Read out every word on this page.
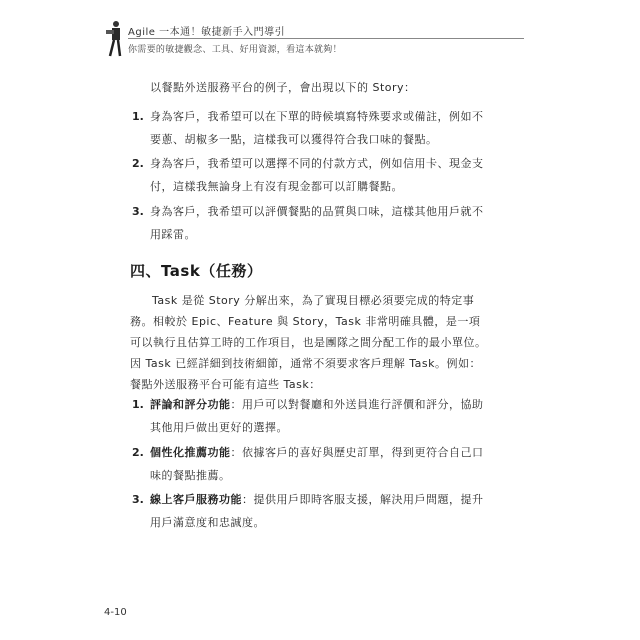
Agile 一本通！敏捷新手入門導引
你需要的敏捷觀念、工具、好用資源，看這本就夠！

以餐點外送服務平台的例子，會出現以下的 Story：

1. 身為客戶，我希望可以在下單的時候填寫特殊要求或備註，例如不要蔥、胡椒多一點，這樣我可以獲得符合我口味的餐點。
2. 身為客戶，我希望可以選擇不同的付款方式，例如信用卡、現金支付，這樣我無論身上有沒有現金都可以訂購餐點。
3. 身為客戶，我希望可以評價餐點的品質與口味，這樣其他用戶就不用踩雷。
四、Task（任務）

Task 是從 Story 分解出來，為了實現目標必須要完成的特定事務。相較於 Epic、Feature 與 Story，Task 非常明確具體，是一項可以執行且估算工時的工作項目，也是團隊之間分配工作的最小單位。因 Task 已經詳細到技術細節，通常不須要求客戶理解 Task。例如：餐點外送服務平台可能有這些 Task：

1. 評論和評分功能：用戶可以對餐廳和外送員進行評價和評分，協助其他用戶做出更好的選擇。
2. 個性化推薦功能：依據客戶的喜好與歷史訂單，得到更符合自己口味的餐點推薦。
3. 線上客戶服務功能：提供用戶即時客服支援，解決用戶問題，提升用戶滿意度和忠誠度。
4-10
